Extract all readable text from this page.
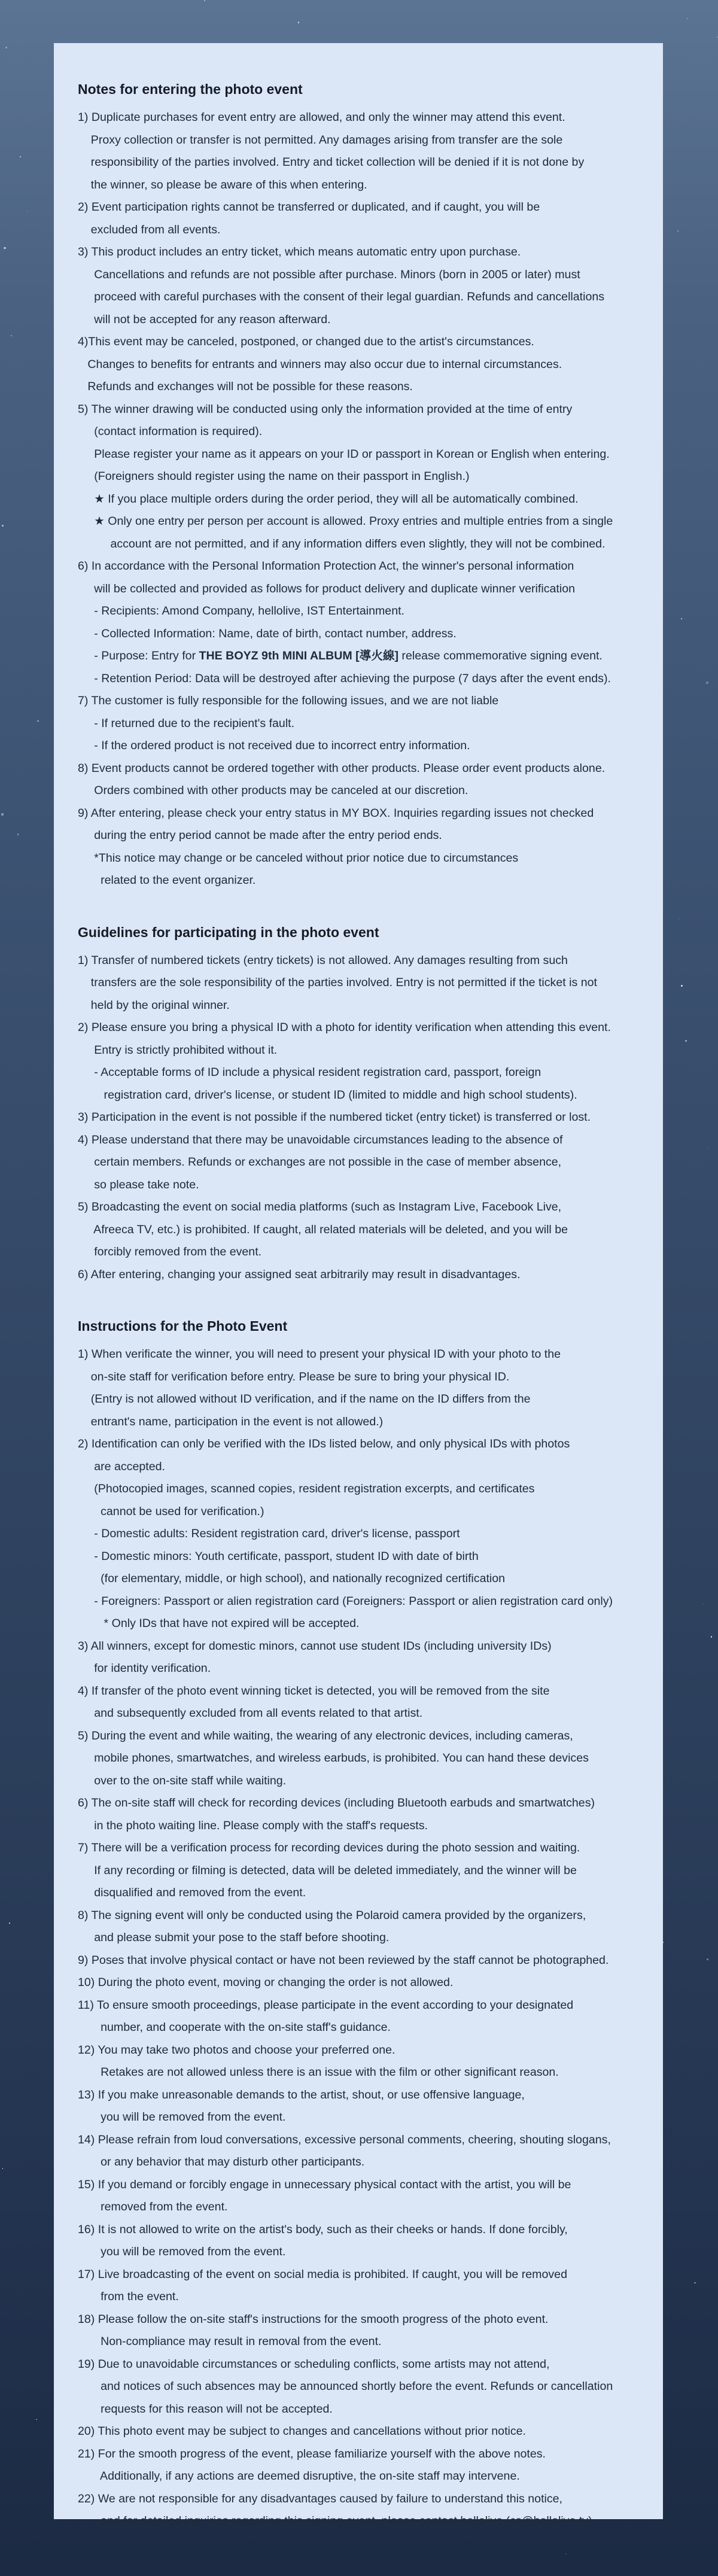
Notes for entering the photo event
1) Duplicate purchases for event entry are allowed, and only the winner may attend this event.
Proxy collection or transfer is not permitted. Any damages arising from transfer are the sole
responsibility of the parties involved. Entry and ticket collection will be denied if it is not done by
the winner, so please be aware of this when entering.
2) Event participation rights cannot be transferred or duplicated, and if caught, you will be
excluded from all events.
3) This product includes an entry ticket, which means automatic entry upon purchase.
Cancellations and refunds are not possible after purchase. Minors (born in 2005 or later) must
proceed with careful purchases with the consent of their legal guardian. Refunds and cancellations
will not be accepted for any reason afterward.
4)This event may be canceled, postponed, or changed due to the artist's circumstances.
Changes to benefits for entrants and winners may also occur due to internal circumstances.
Refunds and exchanges will not be possible for these reasons.
5) The winner drawing will be conducted using only the information provided at the time of entry
(contact information is required).
Please register your name as it appears on your ID or passport in Korean or English when entering.
(Foreigners should register using the name on their passport in English.)
★ If you place multiple orders during the order period, they will all be automatically combined.
★ Only one entry per person per account is allowed. Proxy entries and multiple entries from a single
account are not permitted, and if any information differs even slightly, they will not be combined.
6) In accordance with the Personal Information Protection Act, the winner's personal information
will be collected and provided as follows for product delivery and duplicate winner verification
- Recipients: Amond Company, hellolive, IST Entertainment.
- Collected Information: Name, date of birth, contact number, address.
- Purpose: Entry for THE BOYZ 9th MINI ALBUM [導火線] release commemorative signing event.
- Retention Period: Data will be destroyed after achieving the purpose (7 days after the event ends).
7) The customer is fully responsible for the following issues, and we are not liable
- If returned due to the recipient's fault.
- If the ordered product is not received due to incorrect entry information.
8) Event products cannot be ordered together with other products. Please order event products alone.
Orders combined with other products may be canceled at our discretion.
9) After entering, please check your entry status in MY BOX. Inquiries regarding issues not checked
during the entry period cannot be made after the entry period ends.
*This notice may change or be canceled without prior notice due to circumstances
related to the event organizer.
Guidelines for participating in the photo event
1) Transfer of numbered tickets (entry tickets) is not allowed. Any damages resulting from such
transfers are the sole responsibility of the parties involved. Entry is not permitted if the ticket is not
held by the original winner.
2) Please ensure you bring a physical ID with a photo for identity verification when attending this event.
Entry is strictly prohibited without it.
- Acceptable forms of ID include a physical resident registration card, passport, foreign
registration card, driver's license, or student ID (limited to middle and high school students).
3) Participation in the event is not possible if the numbered ticket (entry ticket) is transferred or lost.
4) Please understand that there may be unavoidable circumstances leading to the absence of
certain members. Refunds or exchanges are not possible in the case of member absence,
so please take note.
5) Broadcasting the event on social media platforms (such as Instagram Live, Facebook Live,
Afreeca TV, etc.) is prohibited. If caught, all related materials will be deleted, and you will be
forcibly removed from the event.
6) After entering, changing your assigned seat arbitrarily may result in disadvantages.
Instructions for the Photo Event
1) When verificate the winner, you will need to present your physical ID with your photo to the
on-site staff for verification before entry. Please be sure to bring your physical ID.
(Entry is not allowed without ID verification, and if the name on the ID differs from the
entrant's name, participation in the event is not allowed.)
2) Identification can only be verified with the IDs listed below, and only physical IDs with photos
are accepted.
(Photocopied images, scanned copies, resident registration excerpts, and certificates
cannot be used for verification.)
- Domestic adults: Resident registration card, driver's license, passport
- Domestic minors: Youth certificate, passport, student ID with date of birth
(for elementary, middle, or high school), and nationally recognized certification
- Foreigners: Passport or alien registration card (Foreigners: Passport or alien registration card only)
* Only IDs that have not expired will be accepted.
3) All winners, except for domestic minors, cannot use student IDs (including university IDs)
for identity verification.
4) If transfer of the photo event winning ticket is detected, you will be removed from the site
and subsequently excluded from all events related to that artist.
5) During the event and while waiting, the wearing of any electronic devices, including cameras,
mobile phones, smartwatches, and wireless earbuds, is prohibited. You can hand these devices
over to the on-site staff while waiting.
6) The on-site staff will check for recording devices (including Bluetooth earbuds and smartwatches)
in the photo waiting line. Please comply with the staff's requests.
7) There will be a verification process for recording devices during the photo session and waiting.
If any recording or filming is detected, data will be deleted immediately, and the winner will be
disqualified and removed from the event.
8) The signing event will only be conducted using the Polaroid camera provided by the organizers,
and please submit your pose to the staff before shooting.
9) Poses that involve physical contact or have not been reviewed by the staff cannot be photographed.
10) During the photo event, moving or changing the order is not allowed.
11) To ensure smooth proceedings, please participate in the event according to your designated
number, and cooperate with the on-site staff's guidance.
12) You may take two photos and choose your preferred one.
Retakes are not allowed unless there is an issue with the film or other significant reason.
13) If you make unreasonable demands to the artist, shout, or use offensive language,
you will be removed from the event.
14) Please refrain from loud conversations, excessive personal comments, cheering, shouting slogans,
or any behavior that may disturb other participants.
15) If you demand or forcibly engage in unnecessary physical contact with the artist, you will be
removed from the event.
16) It is not allowed to write on the artist's body, such as their cheeks or hands. If done forcibly,
you will be removed from the event.
17) Live broadcasting of the event on social media is prohibited. If caught, you will be removed
from the event.
18) Please follow the on-site staff's instructions for the smooth progress of the photo event.
Non-compliance may result in removal from the event.
19) Due to unavoidable circumstances or scheduling conflicts, some artists may not attend,
and notices of such absences may be announced shortly before the event. Refunds or cancellation
requests for this reason will not be accepted.
20) This photo event may be subject to changes and cancellations without prior notice.
21) For the smooth progress of the event, please familiarize yourself with the above notes.
Additionally, if any actions are deemed disruptive, the on-site staff may intervene.
22) We are not responsible for any disadvantages caused by failure to understand this notice,
and for detailed inquiries regarding this signing event, please contact hellolive (cs@hellolive.tv).
